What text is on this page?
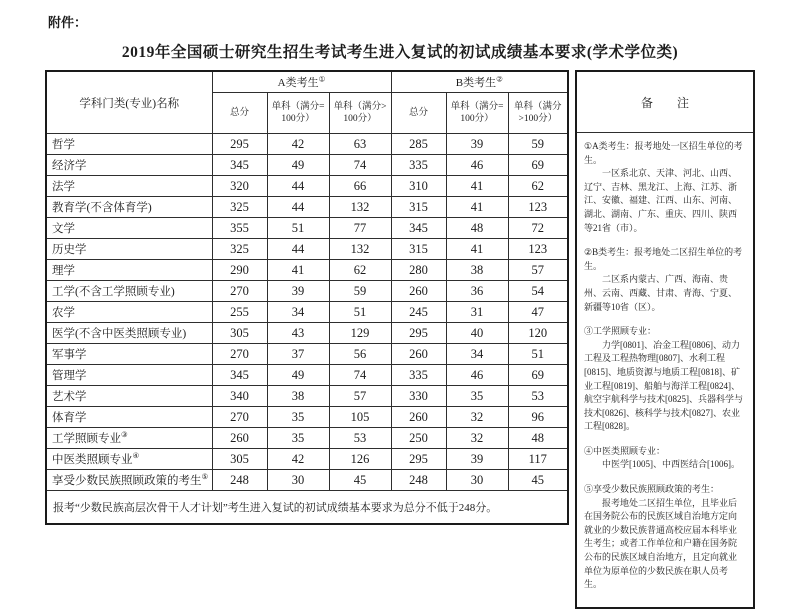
附件：
2019年全国硕士研究生招生考试考生进入复试的初试成绩基本要求(学术学位类)
学科门类(专业)名称	A类考生①			B类考生②
	总分	单科（满分=100分）	单科（满分>100分）	总分	单科（满分=100分）	单科（满分>100分）
哲学	295	42	63	285	39	59
经济学	345	49	74	335	46	69
法学	320	44	66	310	41	62
教育学(不含体育学)	325	44	132	315	41	123
文学	355	51	77	345	48	72
历史学	325	44	132	315	41	123
理学	290	41	62	280	38	57
工学(不含工学照顾专业)	270	39	59	260	36	54
农学	255	34	51	245	31	47
医学(不含中医类照顾专业)	305	43	129	295	40	120
军事学	270	37	56	260	34	51
管理学	345	49	74	335	46	69
艺术学	340	38	57	330	35	53
体育学	270	35	105	260	32	96
工学照顾专业③	260	35	53	250	32	48
中医类照顾专业④	305	42	126	295	39	117
享受少数民族照顾政策的考生⑤	248	30	45	248	30	45
报考“少数民族高层次骨干人才计划”考生进入复试的初试成绩基本要求为总分不低于248分。						
备　　注

①A类考生：报考地处一区招生单位的考生。

一区系北京、天津、河北、山西、辽宁、吉林、黑龙江、上海、江苏、浙江、安徽、福建、江西、山东、河南、湖北、湖南、广东、重庆、四川、陕西等21省（市）。

②B类考生：报考地处二区招生单位的考生。

二区系内蒙古、广西、海南、贵州、云南、西藏、甘肃、青海、宁夏、新疆等10省（区）。

③工学照顾专业：

力学[0801]、冶金工程[0806]、动力工程及工程热物理[0807]、水利工程[0815]、地质资源与地质工程[0818]、矿业工程[0819]、船舶与海洋工程[0824]、航空宇航科学与技术[0825]、兵器科学与技术[0826]、核科学与技术[0827]、农业工程[0828]。

④中医类照顾专业：

中医学[1005]、中西医结合[1006]。

⑤享受少数民族照顾政策的考生：

报考地处二区招生单位，且毕业后在国务院公布的民族区域自治地方定向就业的少数民族普通高校应届本科毕业生考生；或者工作单位和户籍在国务院公布的民族区域自治地方，且定向就业单位为原单位的少数民族在职人员考生。
